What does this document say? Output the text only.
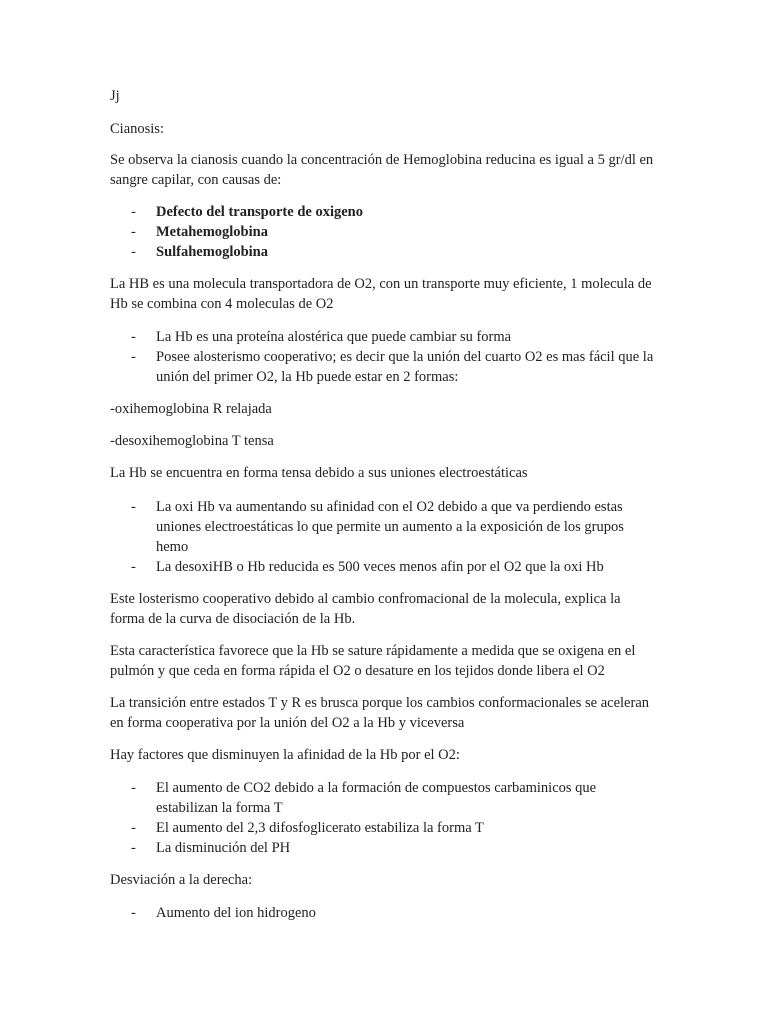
Jj

Cianosis:

Se observa la cianosis cuando la concentración de Hemoglobina reducina es igual a 5 gr/dl en sangre capilar, con causas de:

- Defecto del transporte de oxigeno
- Metahemoglobina
- Sulfahemoglobina

La HB es una molecula transportadora de O2, con un transporte muy eficiente, 1 molecula de Hb se combina con 4 moleculas de O2

- La Hb es una proteína alostérica que puede cambiar su forma
- Posee alosterismo cooperativo; es decir que la unión del cuarto O2 es mas fácil que la unión del primer O2, la Hb puede estar en 2 formas:

-oxihemoglobina R relajada

-desoxihemoglobina T tensa

La Hb se encuentra en forma tensa debido a sus uniones electroestáticas

- La oxi Hb va aumentando su afinidad con el O2 debido a que va perdiendo estas uniones electroestáticas lo que permite un aumento a la exposición de los grupos hemo
- La desoxiHB o Hb reducida es 500 veces menos afin por el O2 que la oxi Hb

Este losterismo cooperativo debido al cambio confromacional de la molecula, explica la forma de la curva de disociación de la Hb.

Esta característica favorece que la Hb se sature rápidamente a medida que se oxigena en el pulmón y que ceda en forma rápida el O2 o desature en los tejidos donde libera el O2

La transición entre estados T y R es brusca porque los cambios conformacionales se aceleran en forma cooperativa por la unión del O2 a la Hb y viceversa

Hay factores que disminuyen la afinidad de la Hb por el O2:

- El aumento de CO2 debido a la formación de compuestos carbaminicos que estabilizan la forma T
- El aumento del 2,3 difosfoglicerato estabiliza la forma T
- La disminución del PH

Desviación a la derecha:

- Aumento del ion hidrogeno
